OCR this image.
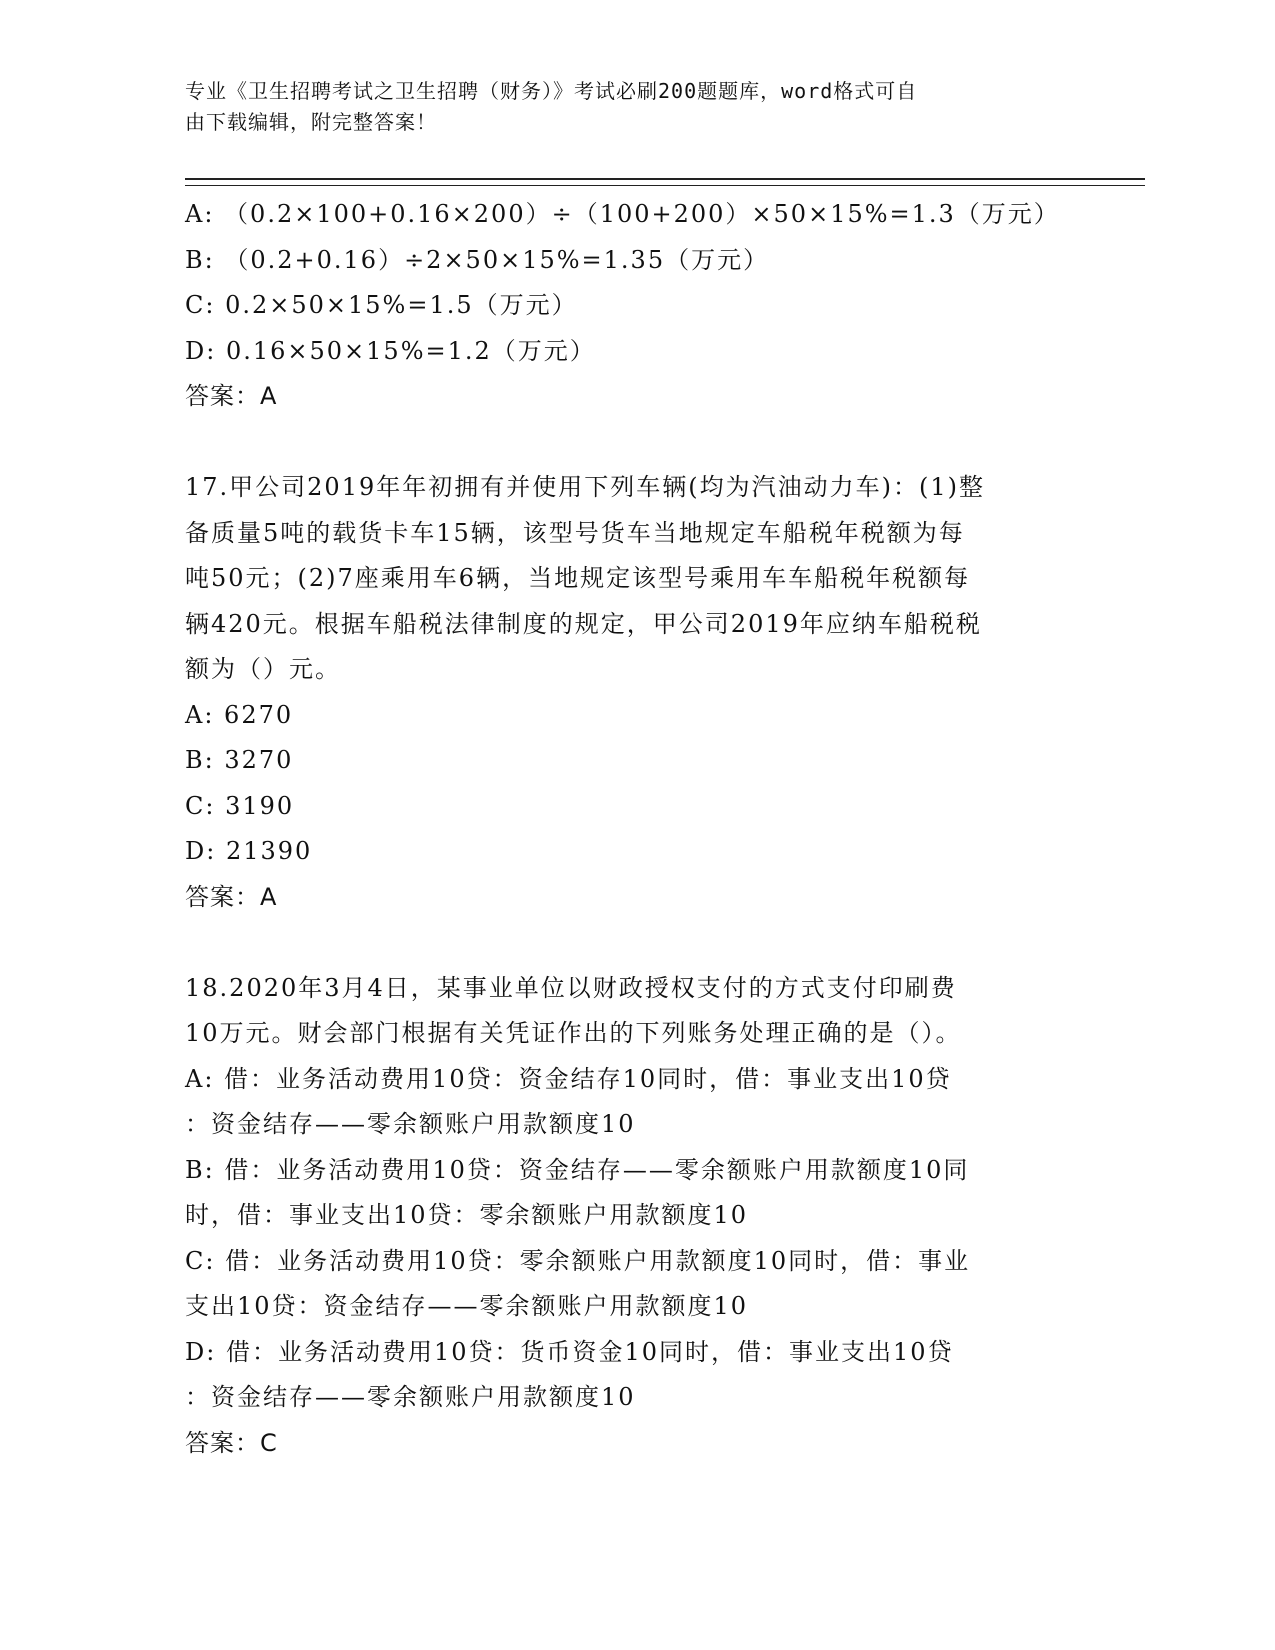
专业《卫生招聘考试之卫生招聘（财务）》考试必刷200题题库，word格式可自
由下载编辑，附完整答案！
A: （0.2×100+0.16×200）÷（100+200）×50×15%=1.3（万元）
B: （0.2+0.16）÷2×50×15%=1.35（万元）
C: 0.2×50×15%=1.5（万元）
D: 0.16×50×15%=1.2（万元）
答案：A
17.甲公司2019年年初拥有并使用下列车辆(均为汽油动力车)：(1)整
备质量5吨的载货卡车15辆，该型号货车当地规定车船税年税额为每
吨50元；(2)7座乘用车6辆，当地规定该型号乘用车车船税年税额每
辆420元。根据车船税法律制度的规定，甲公司2019年应纳车船税税
额为（）元。
A: 6270
B: 3270
C: 3190
D: 21390
答案：A
18.2020年3月4日，某事业单位以财政授权支付的方式支付印刷费
10万元。财会部门根据有关凭证作出的下列账务处理正确的是（）。
A: 借：业务活动费用10贷：资金结存10同时，借：事业支出10贷
：资金结存——零余额账户用款额度10
B: 借：业务活动费用10贷：资金结存——零余额账户用款额度10同
时，借：事业支出10贷：零余额账户用款额度10
C: 借：业务活动费用10贷：零余额账户用款额度10同时，借：事业
支出10贷：资金结存——零余额账户用款额度10
D: 借：业务活动费用10贷：货币资金10同时，借：事业支出10贷
：资金结存——零余额账户用款额度10
答案：C
